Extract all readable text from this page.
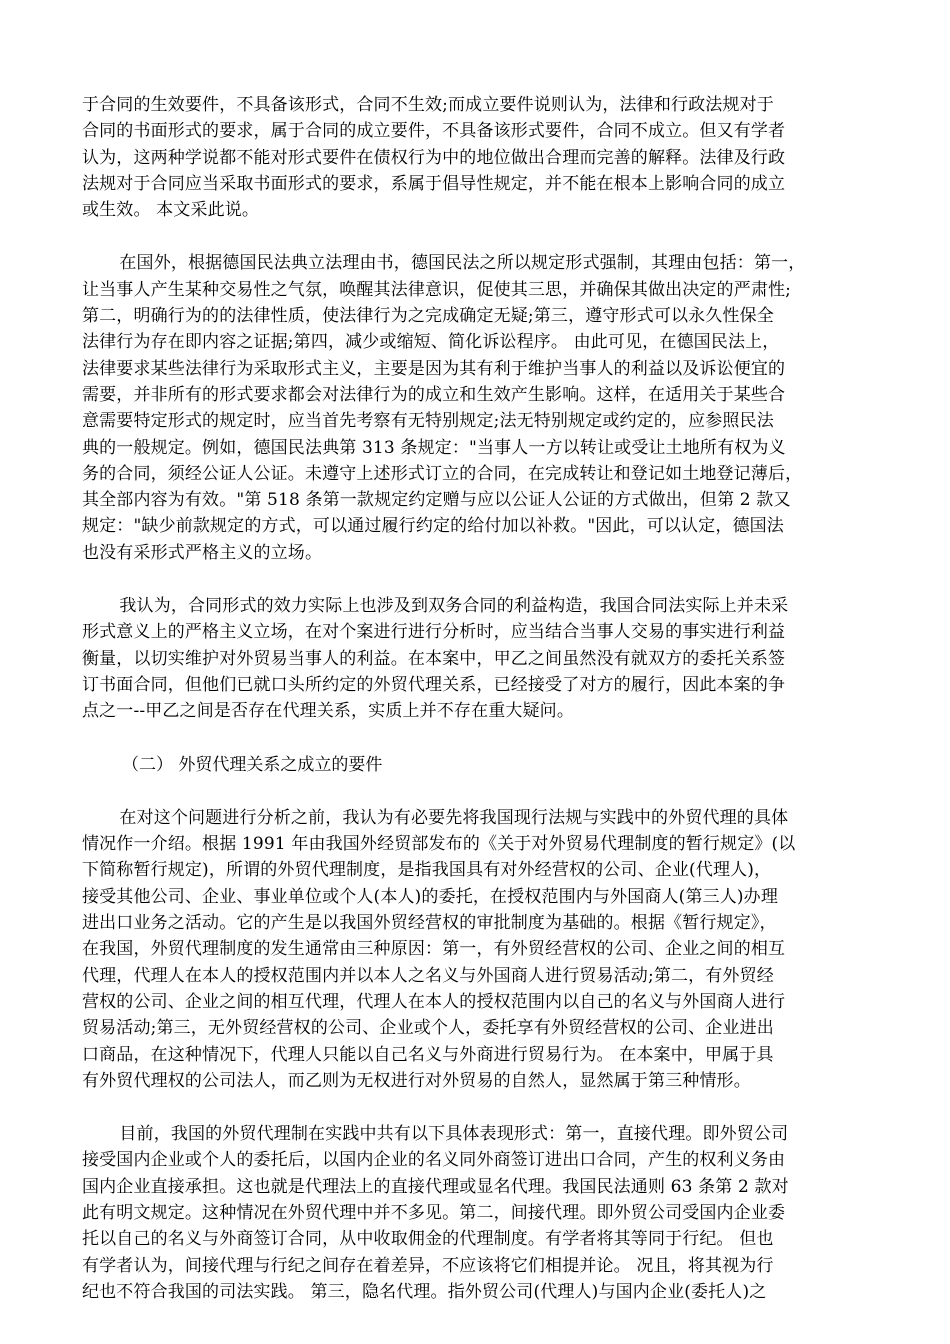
于合同的生效要件，不具备该形式，合同不生效;而成立要件说则认为，法律和行政法规对于
合同的书面形式的要求，属于合同的成立要件，不具备该形式要件，合同不成立。但又有学者
认为，这两种学说都不能对形式要件在债权行为中的地位做出合理而完善的解释。法律及行政
法规对于合同应当采取书面形式的要求，系属于倡导性规定，并不能在根本上影响合同的成立
或生效。 本文采此说。

在国外，根据德国民法典立法理由书，德国民法之所以规定形式强制，其理由包括：第一，
让当事人产生某种交易性之气氛，唤醒其法律意识，促使其三思，并确保其做出决定的严肃性;
第二，明确行为的的法律性质，使法律行为之完成确定无疑;第三，遵守形式可以永久性保全
法律行为存在即内容之证据;第四，减少或缩短、简化诉讼程序。 由此可见，在德国民法上，
法律要求某些法律行为采取形式主义，主要是因为其有利于维护当事人的利益以及诉讼便宜的
需要，并非所有的形式要求都会对法律行为的成立和生效产生影响。这样，在适用关于某些合
意需要特定形式的规定时，应当首先考察有无特别规定;法无特别规定或约定的，应参照民法
典的一般规定。例如，德国民法典第 313 条规定："当事人一方以转让或受让土地所有权为义
务的合同，须经公证人公证。未遵守上述形式订立的合同，在完成转让和登记如土地登记薄后，
其全部内容为有效。"第 518 条第一款规定约定赠与应以公证人公证的方式做出，但第 2 款又
规定："缺少前款规定的方式，可以通过履行约定的给付加以补救。"因此，可以认定，德国法
也没有采形式严格主义的立场。

我认为，合同形式的效力实际上也涉及到双务合同的利益构造，我国合同法实际上并未采
形式意义上的严格主义立场，在对个案进行进行分析时，应当结合当事人交易的事实进行利益
衡量，以切实维护对外贸易当事人的利益。在本案中，甲乙之间虽然没有就双方的委托关系签
订书面合同，但他们已就口头所约定的外贸代理关系，已经接受了对方的履行，因此本案的争
点之一--甲乙之间是否存在代理关系，实质上并不存在重大疑问。

（二） 外贸代理关系之成立的要件

在对这个问题进行分析之前，我认为有必要先将我国现行法规与实践中的外贸代理的具体
情况作一介绍。根据 1991 年由我国外经贸部发布的《关于对外贸易代理制度的暂行规定》(以
下简称暂行规定)，所谓的外贸代理制度，是指我国具有对外经营权的公司、企业(代理人)，
接受其他公司、企业、事业单位或个人(本人)的委托，在授权范围内与外国商人(第三人)办理
进出口业务之活动。它的产生是以我国外贸经营权的审批制度为基础的。根据《暂行规定》，
在我国，外贸代理制度的发生通常由三种原因：第一，有外贸经营权的公司、企业之间的相互
代理，代理人在本人的授权范围内并以本人之名义与外国商人进行贸易活动;第二，有外贸经
营权的公司、企业之间的相互代理，代理人在本人的授权范围内以自己的名义与外国商人进行
贸易活动;第三，无外贸经营权的公司、企业或个人，委托享有外贸经营权的公司、企业进出
口商品，在这种情况下，代理人只能以自己名义与外商进行贸易行为。 在本案中，甲属于具
有外贸代理权的公司法人，而乙则为无权进行对外贸易的自然人，显然属于第三种情形。

目前，我国的外贸代理制在实践中共有以下具体表现形式：第一，直接代理。即外贸公司
接受国内企业或个人的委托后，以国内企业的名义同外商签订进出口合同，产生的权利义务由
国内企业直接承担。这也就是代理法上的直接代理或显名代理。我国民法通则 63 条第 2 款对
此有明文规定。这种情况在外贸代理中并不多见。第二，间接代理。即外贸公司受国内企业委
托以自己的名义与外商签订合同，从中收取佣金的代理制度。有学者将其等同于行纪。 但也
有学者认为，间接代理与行纪之间存在着差异，不应该将它们相提并论。 况且，将其视为行
纪也不符合我国的司法实践。 第三，隐名代理。指外贸公司(代理人)与国内企业(委托人)之
